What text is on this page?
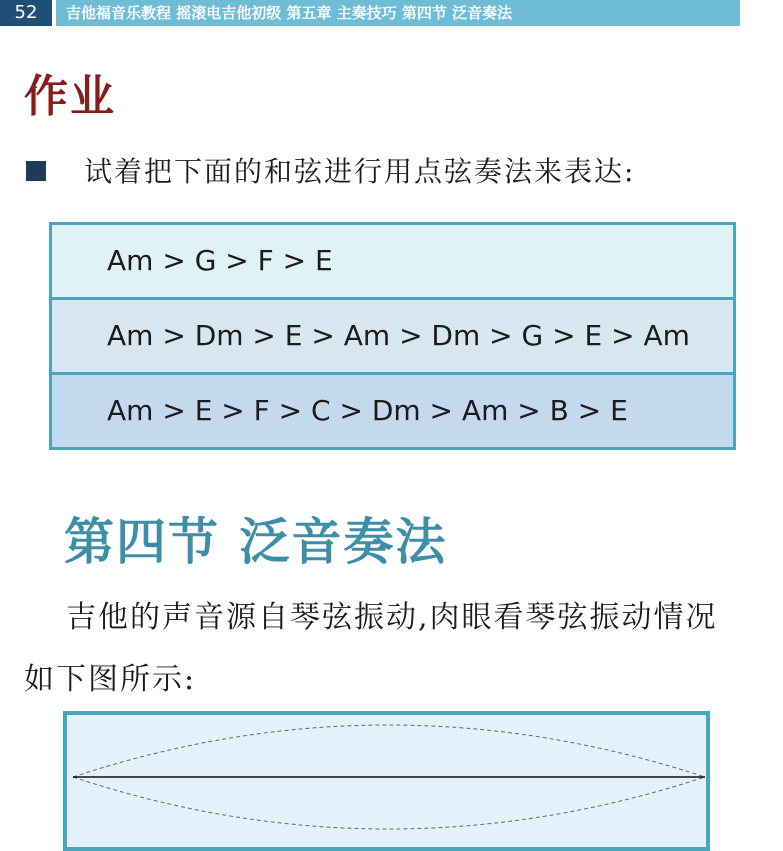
52	吉他福音乐教程 摇滚电吉他初级 第五章 主奏技巧 第四节 泛音奏法
作业
试着把下面的和弦进行用点弦奏法来表达:
Am > G > F > E
Am > Dm > E > Am > Dm > G > E > Am
Am > E > F > C > Dm > Am > B > E
第四节 泛音奏法
吉他的声音源自琴弦振动,肉眼看琴弦振动情况
如下图所示:
